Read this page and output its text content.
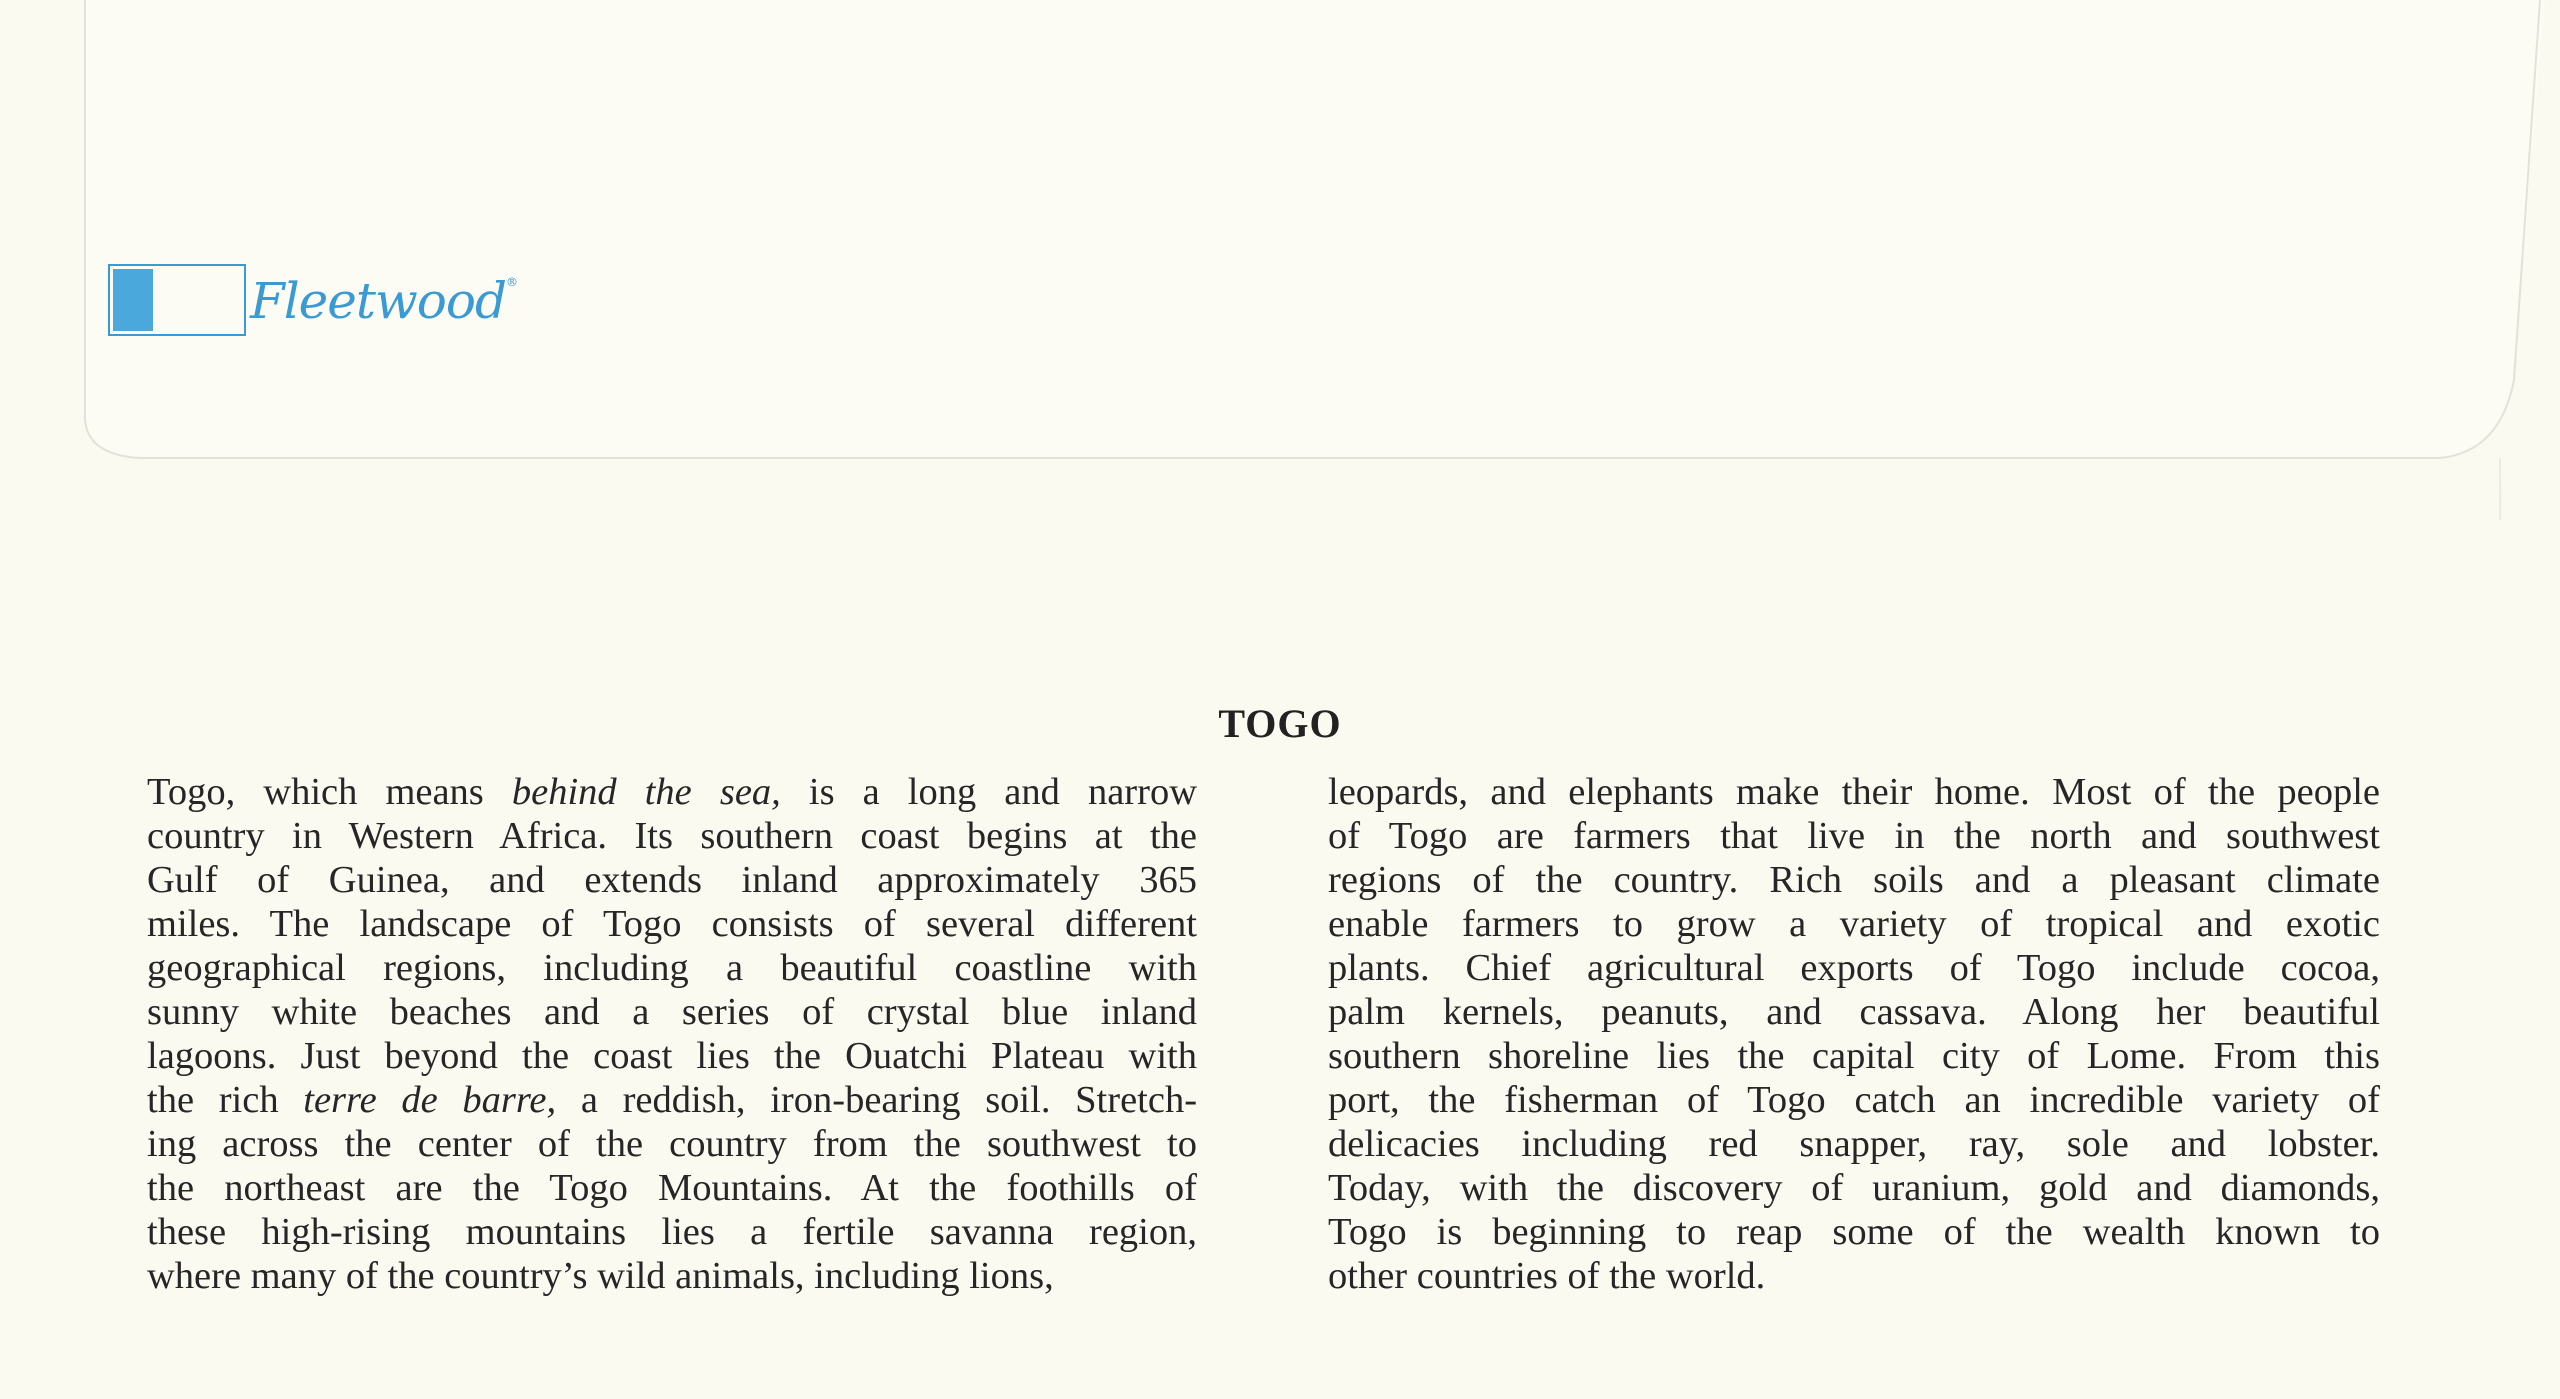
Fleetwood®
TOGO
Togo, which means behind the sea, is a long and narrow
country in Western Africa. Its southern coast begins at the
Gulf of Guinea, and extends inland approximately 365
miles. The landscape of Togo consists of several different
geographical regions, including a beautiful coastline with
sunny white beaches and a series of crystal blue inland
lagoons. Just beyond the coast lies the Ouatchi Plateau with
the rich terre de barre, a reddish, iron-bearing soil. Stretch-
ing across the center of the country from the southwest to
the northeast are the Togo Mountains. At the foothills of
these high-rising mountains lies a fertile savanna region,
where many of the country’s wild animals, including lions,
leopards, and elephants make their home. Most of the people
of Togo are farmers that live in the north and southwest
regions of the country. Rich soils and a pleasant climate
enable farmers to grow a variety of tropical and exotic
plants. Chief agricultural exports of Togo include cocoa,
palm kernels, peanuts, and cassava. Along her beautiful
southern shoreline lies the capital city of Lome. From this
port, the fisherman of Togo catch an incredible variety of
delicacies including red snapper, ray, sole and lobster.
Today, with the discovery of uranium, gold and diamonds,
Togo is beginning to reap some of the wealth known to
other countries of the world.
